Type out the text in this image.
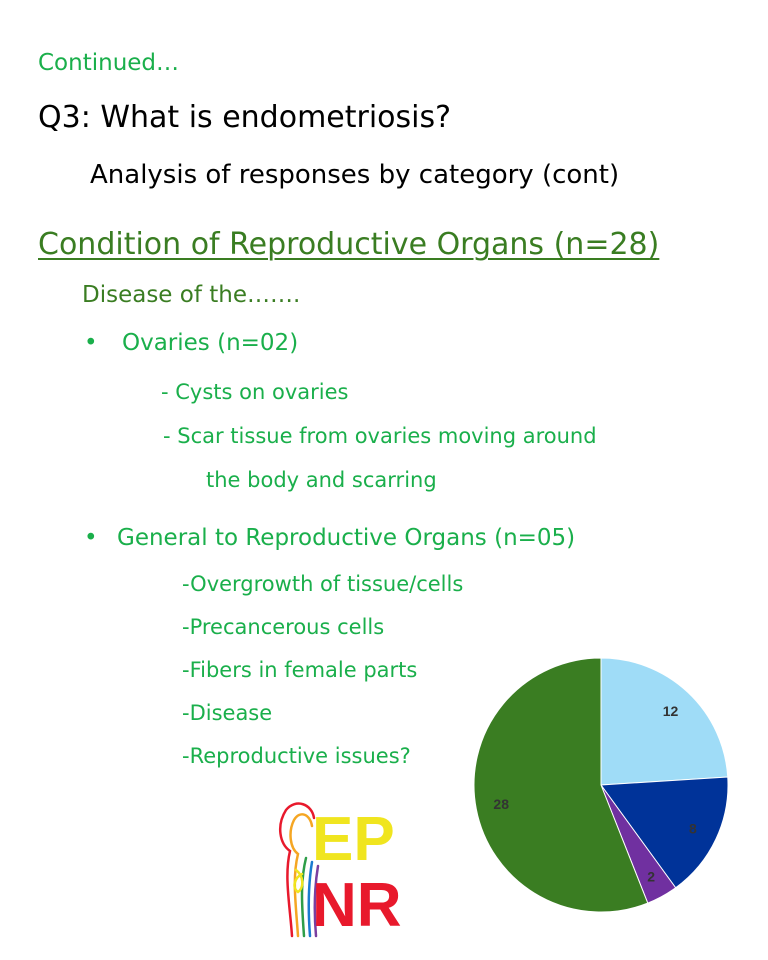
Continued…
Q3: What is endometriosis?
Analysis of responses by category (cont)
Condition of Reproductive Organs (n=28)
Disease of the…….
• Ovaries (n=02)
- Cysts on ovaries
- Scar tissue from ovaries moving around
the body and scarring
• General to Reproductive Organs (n=05)
-Overgrowth of tissue/cells
-Precancerous cells
-Fibers in female parts
-Disease
-Reproductive issues?
12
8
2
28
EP
NR
